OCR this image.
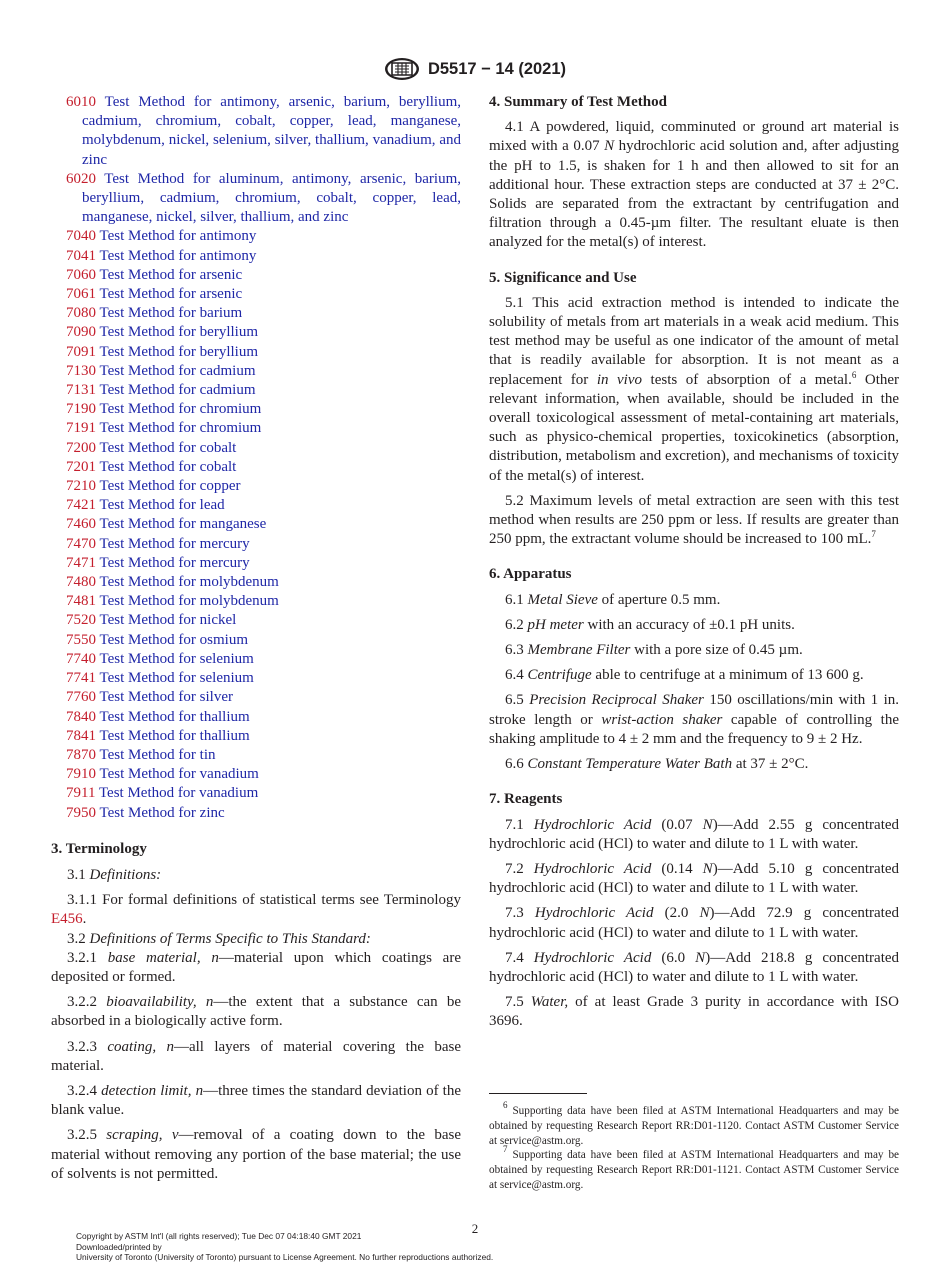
D5517 − 14 (2021)

6010 Test Method for antimony, arsenic, barium, beryllium, cadmium, chromium, cobalt, copper, lead, manganese, molybdenum, nickel, selenium, silver, thallium, vanadium, and zinc

6020 Test Method for aluminum, antimony, arsenic, barium, beryllium, cadmium, chromium, cobalt, copper, lead, manganese, nickel, silver, thallium, and zinc

7040 Test Method for antimony

7041 Test Method for antimony

7060 Test Method for arsenic

7061 Test Method for arsenic

7080 Test Method for barium

7090 Test Method for beryllium

7091 Test Method for beryllium

7130 Test Method for cadmium

7131 Test Method for cadmium

7190 Test Method for chromium

7191 Test Method for chromium

7200 Test Method for cobalt

7201 Test Method for cobalt

7210 Test Method for copper

7421 Test Method for lead

7460 Test Method for manganese

7470 Test Method for mercury

7471 Test Method for mercury

7480 Test Method for molybdenum

7481 Test Method for molybdenum

7520 Test Method for nickel

7550 Test Method for osmium

7740 Test Method for selenium

7741 Test Method for selenium

7760 Test Method for silver

7840 Test Method for thallium

7841 Test Method for thallium

7870 Test Method for tin

7910 Test Method for vanadium

7911 Test Method for vanadium

7950 Test Method for zinc

3. Terminology

3.1 Definitions:

3.1.1 For formal definitions of statistical terms see Terminology E456.

3.2 Definitions of Terms Specific to This Standard:

3.2.1 base material, n—material upon which coatings are deposited or formed.

3.2.2 bioavailability, n—the extent that a substance can be absorbed in a biologically active form.

3.2.3 coating, n—all layers of material covering the base material.

3.2.4 detection limit, n—three times the standard deviation of the blank value.

3.2.5 scraping, v—removal of a coating down to the base material without removing any portion of the base material; the use of solvents is not permitted.

4. Summary of Test Method

4.1 A powdered, liquid, comminuted or ground art material is mixed with a 0.07 N hydrochloric acid solution and, after adjusting the pH to 1.5, is shaken for 1 h and then allowed to sit for an additional hour. These extraction steps are conducted at 37 ± 2°C. Solids are separated from the extractant by centrifugation and filtration through a 0.45-µm filter. The resultant eluate is then analyzed for the metal(s) of interest.

5. Significance and Use

5.1 This acid extraction method is intended to indicate the solubility of metals from art materials in a weak acid medium. This test method may be useful as one indicator of the amount of metal that is readily available for absorption. It is not meant as a replacement for in vivo tests of absorption of a metal.$^6$ Other relevant information, when available, should be included in the overall toxicological assessment of metal-containing art materials, such as physico-chemical properties, toxicokinetics (absorption, distribution, metabolism and excretion), and mechanisms of toxicity of the metal(s) of interest.

5.2 Maximum levels of metal extraction are seen with this test method when results are 250 ppm or less. If results are greater than 250 ppm, the extractant volume should be increased to 100 mL.$^7$

6. Apparatus

6.1 Metal Sieve of aperture 0.5 mm.

6.2 pH meter with an accuracy of ±0.1 pH units.

6.3 Membrane Filter with a pore size of 0.45 µm.

6.4 Centrifuge able to centrifuge at a minimum of 13 600 g.

6.5 Precision Reciprocal Shaker 150 oscillations/min with 1 in. stroke length or wrist-action shaker capable of controlling the shaking amplitude to 4 ± 2 mm and the frequency to 9 ± 2 Hz.

6.6 Constant Temperature Water Bath at 37 ± 2°C.

7. Reagents

7.1 Hydrochloric Acid (0.07 N)—Add 2.55 g concentrated hydrochloric acid (HCl) to water and dilute to 1 L with water.

7.2 Hydrochloric Acid (0.14 N)—Add 5.10 g concentrated hydrochloric acid (HCl) to water and dilute to 1 L with water.

7.3 Hydrochloric Acid (2.0 N)—Add 72.9 g concentrated hydrochloric acid (HCl) to water and dilute to 1 L with water.

7.4 Hydrochloric Acid (6.0 N)—Add 218.8 g concentrated hydrochloric acid (HCl) to water and dilute to 1 L with water.

7.5 Water, of at least Grade 3 purity in accordance with ISO 3696.

$^6$ Supporting data have been filed at ASTM International Headquarters and may be obtained by requesting Research Report RR:D01-1120. Contact ASTM Customer Service at service@astm.org.

$^7$ Supporting data have been filed at ASTM International Headquarters and may be obtained by requesting Research Report RR:D01-1121. Contact ASTM Customer Service at service@astm.org.

2
Copyright by ASTM Int'l (all rights reserved); Tue Dec 07 04:18:40 GMT 2021
Downloaded/printed by
University of Toronto (University of Toronto) pursuant to License Agreement. No further reproductions authorized.
